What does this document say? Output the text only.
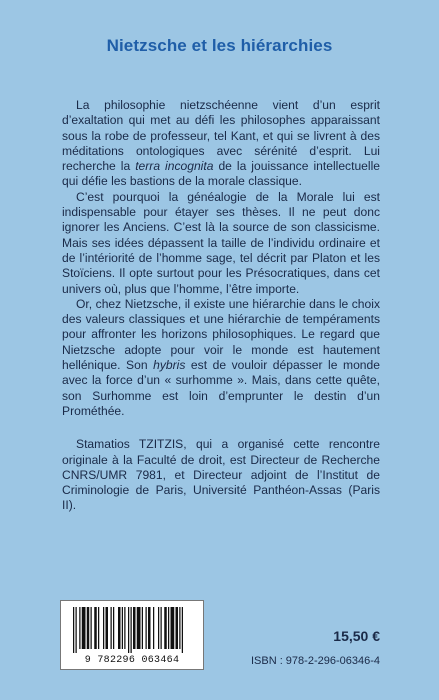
Nietzsche et les hiérarchies

La philosophie nietzschéenne vient d’un esprit d’exaltation qui met au défi les philosophes apparaissant sous la robe de professeur, tel Kant, et qui se livrent à des méditations ontologiques avec sérénité d’esprit. Lui recherche la terra incognita de la jouissance intellectuelle qui défie les bastions de la morale classique.

C’est pourquoi la généalogie de la Morale lui est indispensable pour étayer ses thèses. Il ne peut donc ignorer les Anciens. C’est là la source de son classicisme. Mais ses idées dépassent la taille de l’individu ordinaire et de l’intériorité de l’homme sage, tel décrit par Platon et les Stoïciens. Il opte surtout pour les Présocratiques, dans cet univers où, plus que l’homme, l’être importe.

Or, chez Nietzsche, il existe une hiérarchie dans le choix des valeurs classiques et une hiérarchie de tempéraments pour affronter les horizons philosophiques. Le regard que Nietzsche adopte pour voir le monde est hautement hellénique. Son hybris est de vouloir dépasser le monde avec la force d’un « surhomme ». Mais, dans cette quête, son Surhomme est loin d’emprunter le destin d’un Prométhée.

Stamatios TZITZIS, qui a organisé cette rencontre originale à la Faculté de droit, est Directeur de Recherche CNRS/UMR 7981, et Directeur adjoint de l’Institut de Criminologie de Paris, Université Panthéon-Assas (Paris II).

9 782296 063464
15,50 €
ISBN : 978-2-296-06346-4
